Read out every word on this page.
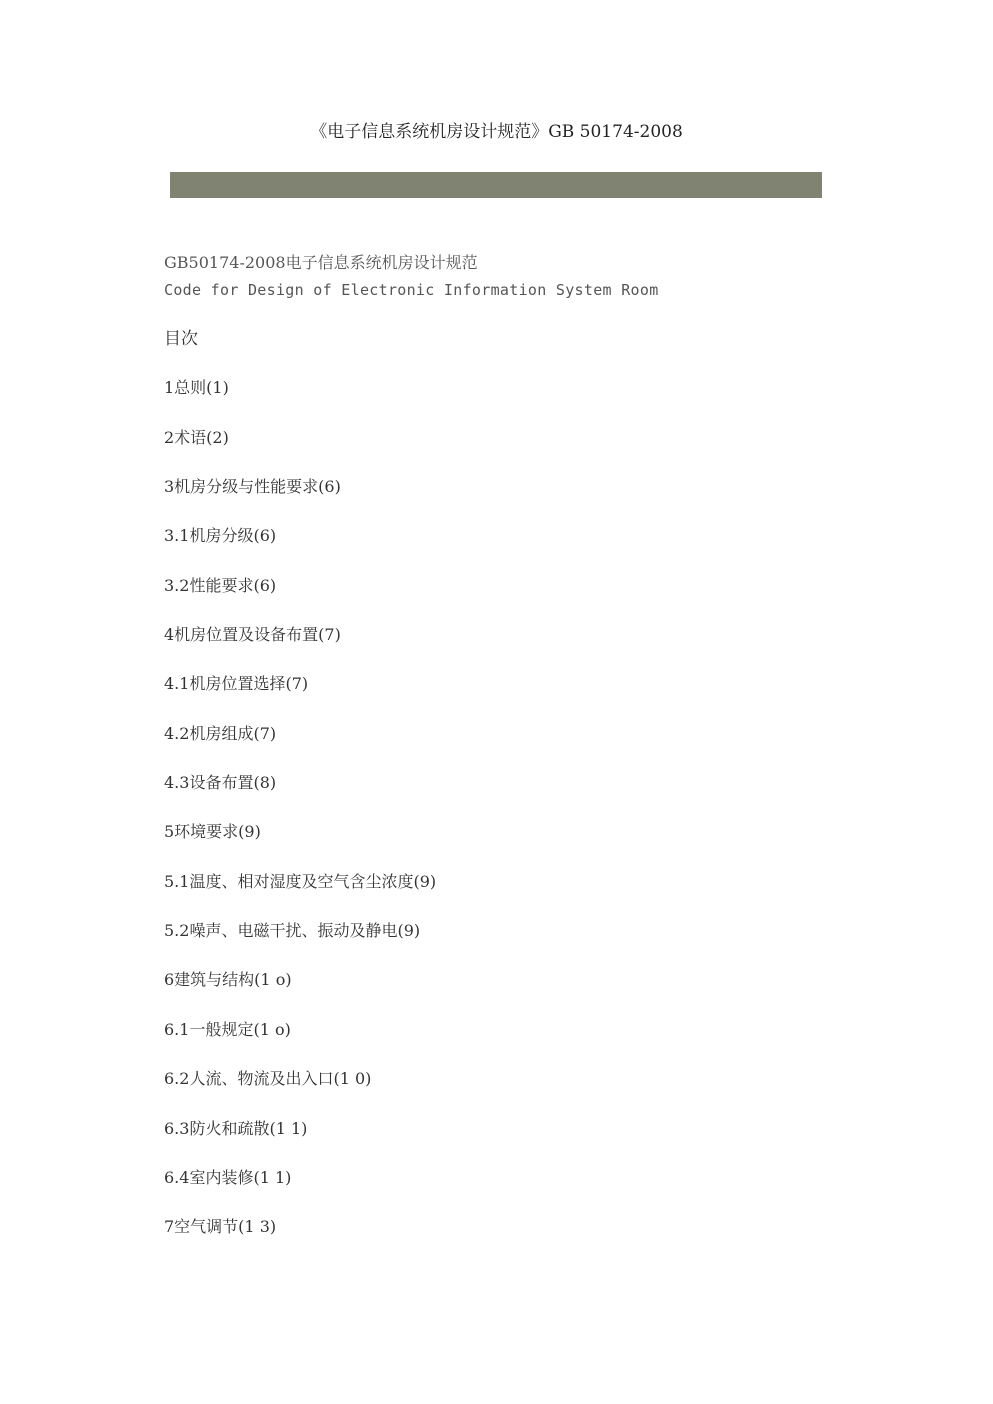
《电子信息系统机房设计规范》GB 50174-2008
GB50174-2008电子信息系统机房设计规范
Code for Design of Electronic Information System Room
目次
1总则(1)
2术语(2)
3机房分级与性能要求(6)
3.1机房分级(6)
3.2性能要求(6)
4机房位置及设备布置(7)
4.1机房位置选择(7)
4.2机房组成(7)
4.3设备布置(8)
5环境要求(9)
5.1温度、相对湿度及空气含尘浓度(9)
5.2噪声、电磁干扰、振动及静电(9)
6建筑与结构(1 o)
6.1一般规定(1 o)
6.2人流、物流及出入口(1 0)
6.3防火和疏散(1 1)
6.4室内装修(1 1)
7空气调节(1 3)
